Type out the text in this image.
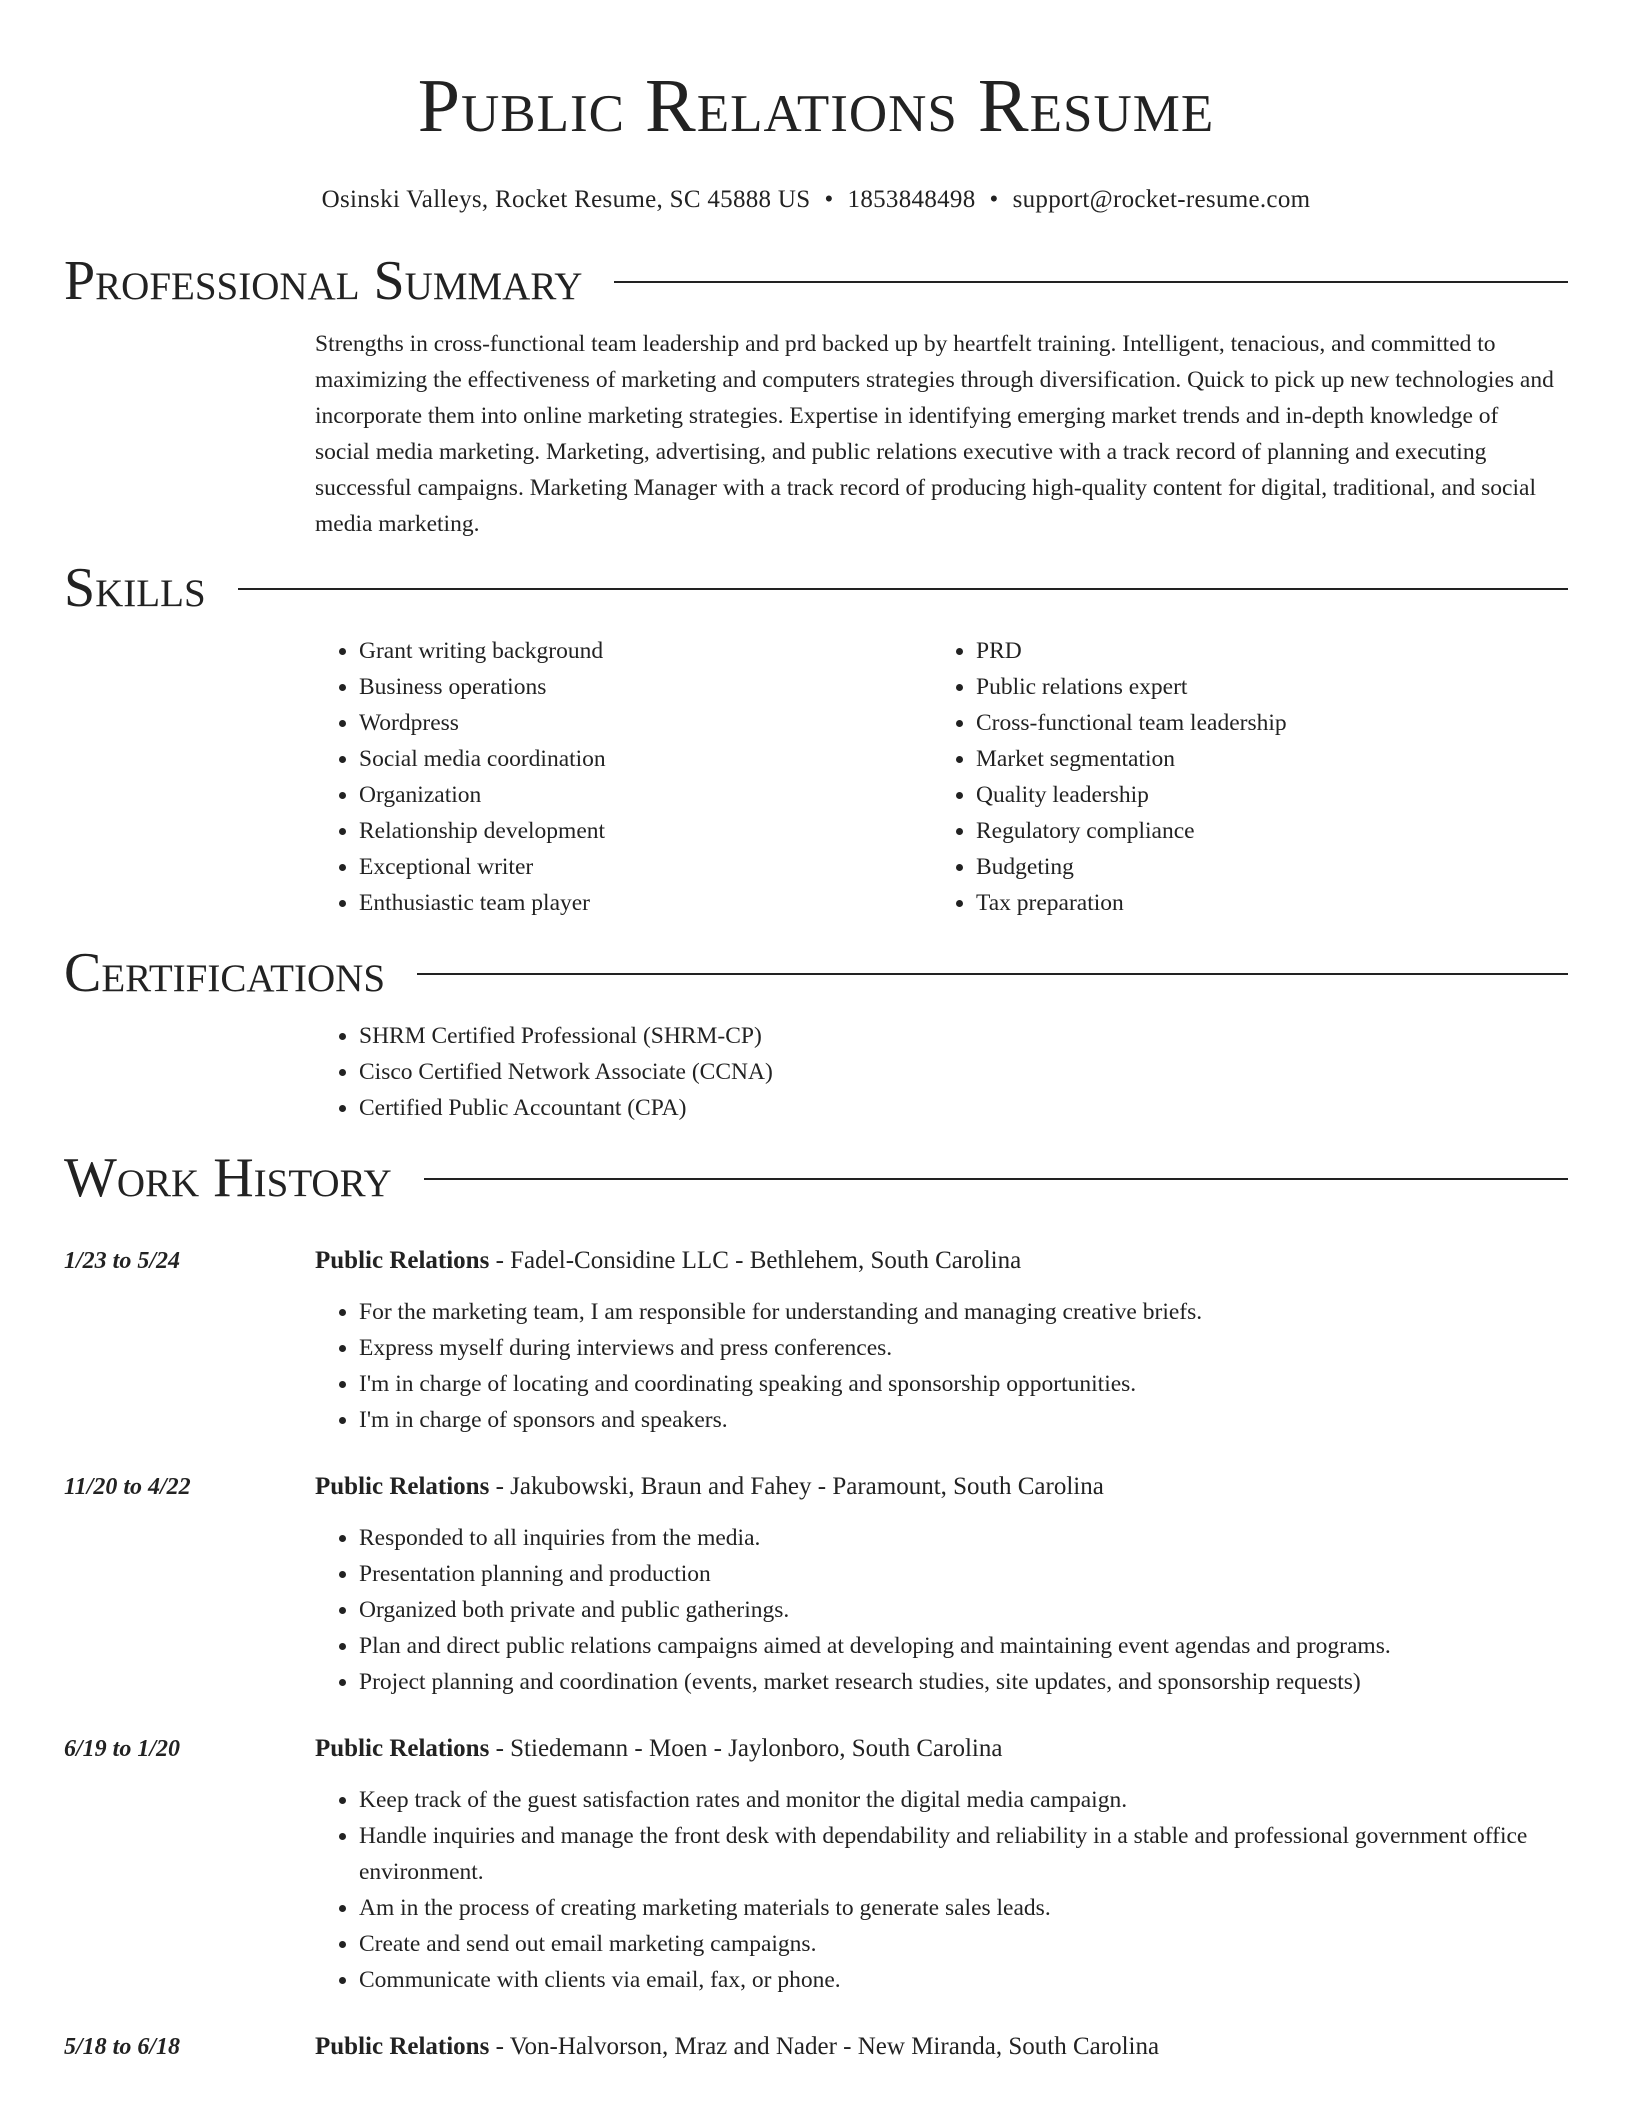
Public Relations Resume
Osinski Valleys, Rocket Resume, SC 45888 US • 1853848498 • support@rocket-resume.com
Professional Summary

Strengths in cross-functional team leadership and prd backed up by heartfelt training. Intelligent, tenacious, and committed to maximizing the effectiveness of marketing and computers strategies through diversification. Quick to pick up new technologies and incorporate them into online marketing strategies. Expertise in identifying emerging market trends and in-depth knowledge of social media marketing. Marketing, advertising, and public relations executive with a track record of planning and executing successful campaigns. Marketing Manager with a track record of producing high-quality content for digital, traditional, and social media marketing.

Skills
• Grant writing background
• Business operations
• Wordpress
• Social media coordination
• Organization
• Relationship development
• Exceptional writer
• Enthusiastic team player
• PRD
• Public relations expert
• Cross-functional team leadership
• Market segmentation
• Quality leadership
• Regulatory compliance
• Budgeting
• Tax preparation
Certifications
• SHRM Certified Professional (SHRM-CP)
• Cisco Certified Network Associate (CCNA)
• Certified Public Accountant (CPA)
Work History
1/23 to 5/24	Public Relations - Fadel-Considine LLC - Bethlehem, South Carolina
• For the marketing team, I am responsible for understanding and managing creative briefs.
• Express myself during interviews and press conferences.
• I'm in charge of locating and coordinating speaking and sponsorship opportunities.
• I'm in charge of sponsors and speakers.
11/20 to 4/22	Public Relations - Jakubowski, Braun and Fahey - Paramount, South Carolina
• Responded to all inquiries from the media.
• Presentation planning and production
• Organized both private and public gatherings.
• Plan and direct public relations campaigns aimed at developing and maintaining event agendas and programs.
• Project planning and coordination (events, market research studies, site updates, and sponsorship requests)
6/19 to 1/20	Public Relations - Stiedemann - Moen - Jaylonboro, South Carolina
• Keep track of the guest satisfaction rates and monitor the digital media campaign.
• Handle inquiries and manage the front desk with dependability and reliability in a stable and professional government office environment.
• Am in the process of creating marketing materials to generate sales leads.
• Create and send out email marketing campaigns.
• Communicate with clients via email, fax, or phone.
5/18 to 6/18	Public Relations - Von-Halvorson, Mraz and Nader - New Miranda, South Carolina
